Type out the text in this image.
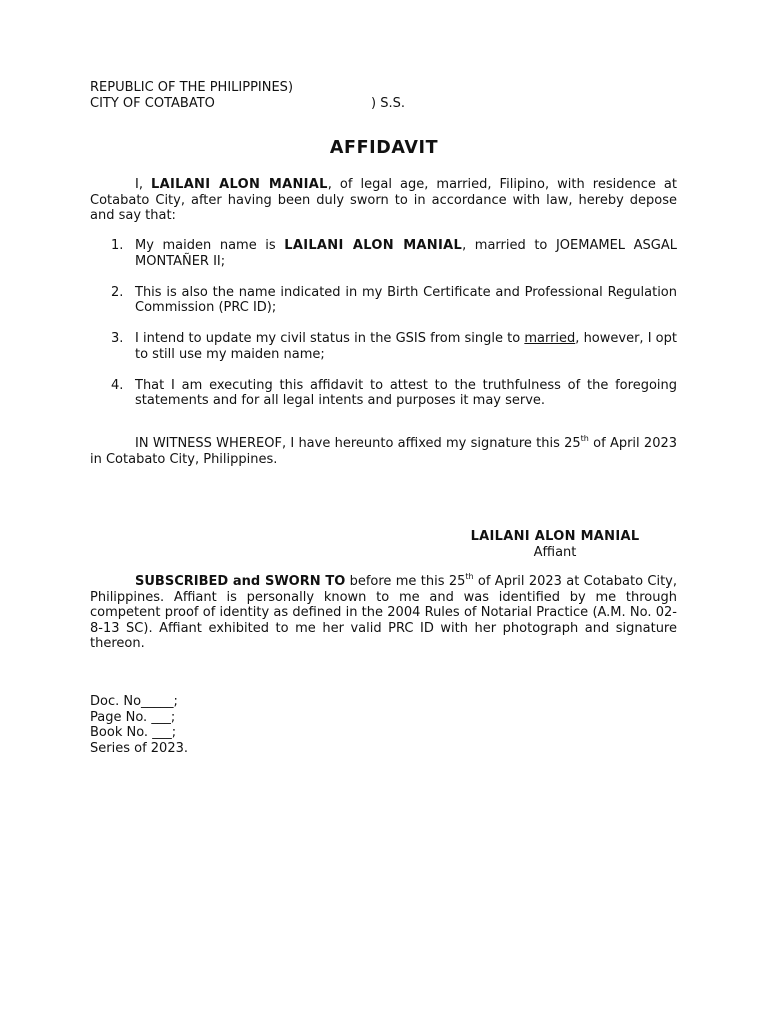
REPUBLIC OF THE PHILIPPINES)
CITY OF COTABATO	) S.S.
AFFIDAVIT
I, LAILANI ALON MANIAL, of legal age, married, Filipino, with residence at Cotabato City, after having been duly sworn to in accordance with law, hereby depose and say that:
1. My maiden name is LAILANI ALON MANIAL, married to JOEMAMEL ASGAL MONTAÑER II;
2. This is also the name indicated in my Birth Certificate and Professional Regulation Commission (PRC ID);
3. I intend to update my civil status in the GSIS from single to married, however, I opt to still use my maiden name;
4. That I am executing this affidavit to attest to the truthfulness of the foregoing statements and for all legal intents and purposes it may serve.
IN WITNESS WHEREOF, I have hereunto affixed my signature this 25th of April 2023 in Cotabato City, Philippines.
LAILANI ALON MANIAL
Affiant
SUBSCRIBED and SWORN TO before me this 25th of April 2023 at Cotabato City, Philippines. Affiant is personally known to me and was identified by me through competent proof of identity as defined in the 2004 Rules of Notarial Practice (A.M. No. 02-8-13 SC). Affiant exhibited to me her valid PRC ID with her photograph and signature thereon.
Doc. No_____;
Page No. ___;
Book No. ___;
Series of 2023.
